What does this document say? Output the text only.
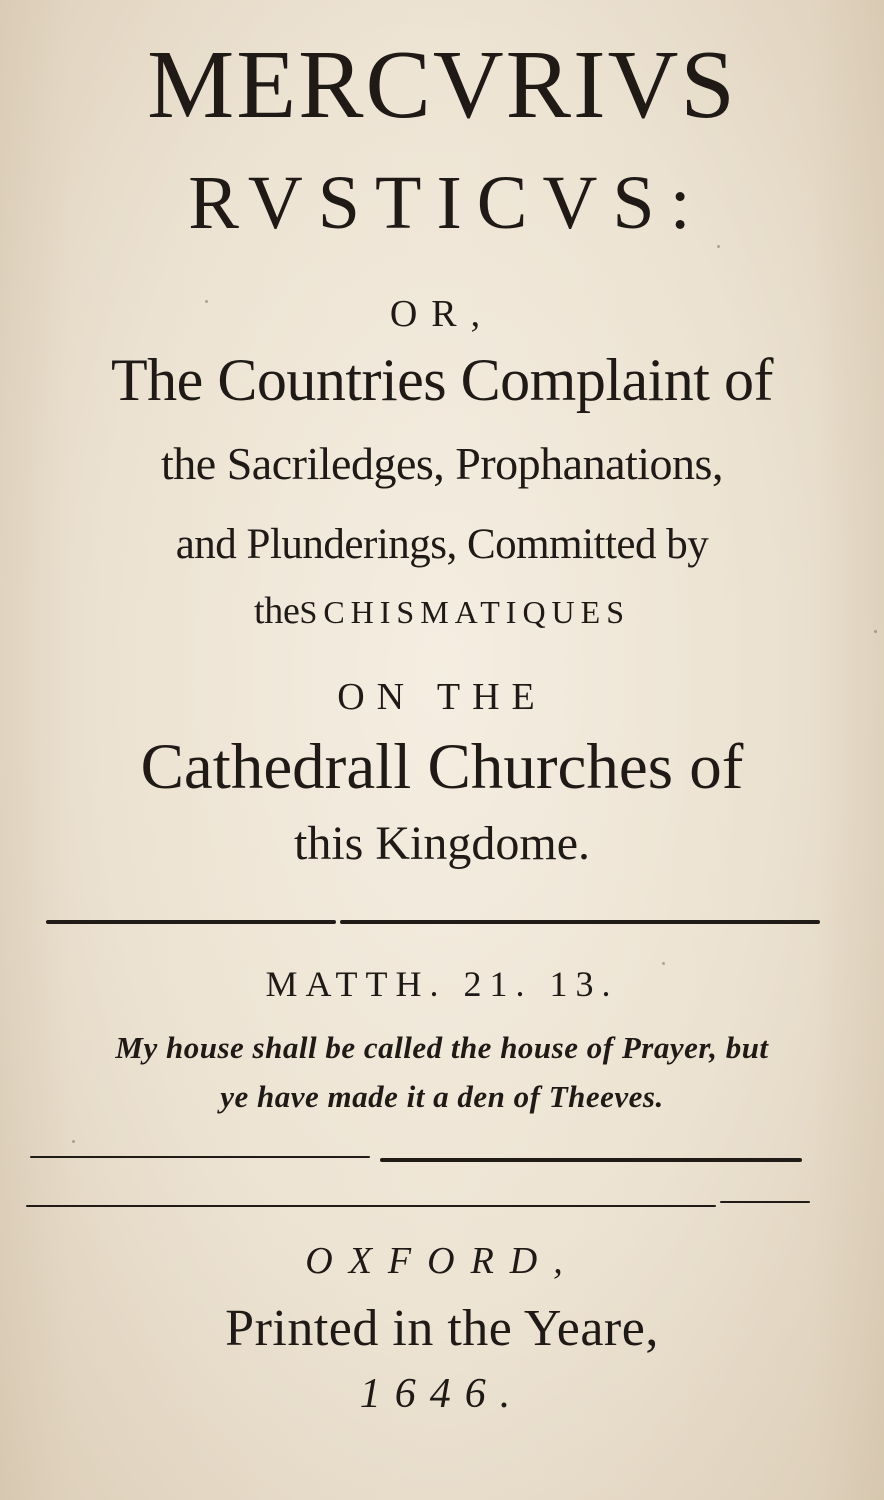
MERCVRIVS
RVSTICVS:
OR,
The Countries Complaint of
the Sacriledges, Prophanations,
and Plunderings, Committed by
theSCHISMATIQUES
ON THE
Cathedrall Churches of
this Kingdome.
MATTH. 21. 13.
My house shall be called the house of Prayer, but
ye have made it a den of Theeves.
OXFORD,
Printed in the Yeare,
1646.
